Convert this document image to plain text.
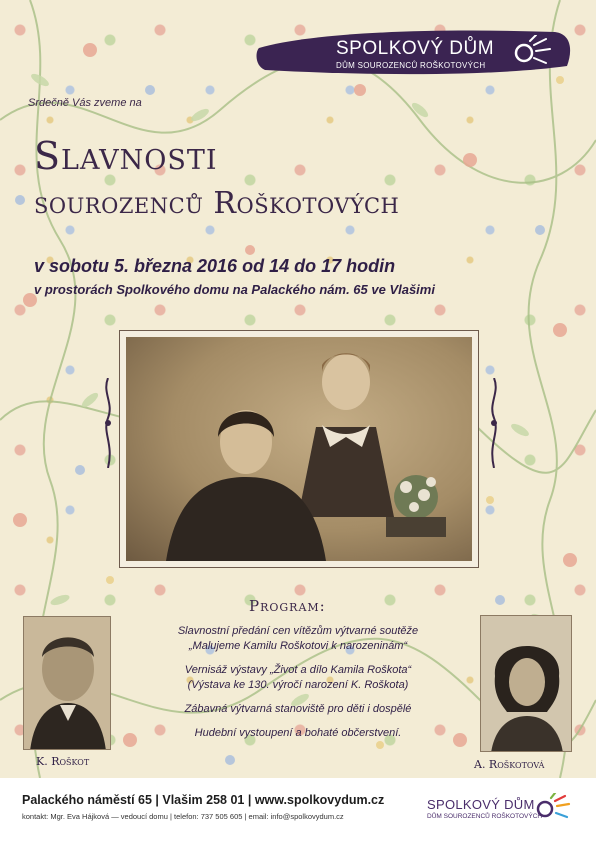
SPOLKOVÝ DŮM
DŮM SOUROZENCŮ ROŠKOTOVÝCH
Srdečně Vás zveme na
Slavnosti
sourozenců Roškotových
v sobotu 5. března 2016 od 14 do 17 hodin
v prostorách Spolkového domu na Palackého nám. 65 ve Vlašimi
Program:
Slavnostní předání cen vítězům výtvarné soutěže
„Malujeme Kamilu Roškotovi k narozeninám“
Vernisáž výstavy „Život a dílo Kamila Roškota“
(Výstava ke 130. výročí narození K. Roškota)
Zábavná výtvarná stanoviště pro děti i dospělé
Hudební vystoupení a bohaté občerstvení.
K. Roškot	A. Roškotová
Palackého náměstí 65 | Vlašim 258 01 | www.spolkovydum.cz
kontakt: Mgr. Eva Hájková — vedoucí domu | telefon: 737 505 605 | email: info@spolkovydum.cz
SPOLKOVÝ DŮM
DŮM SOUROZENCŮ ROŠKOTOVÝCH
